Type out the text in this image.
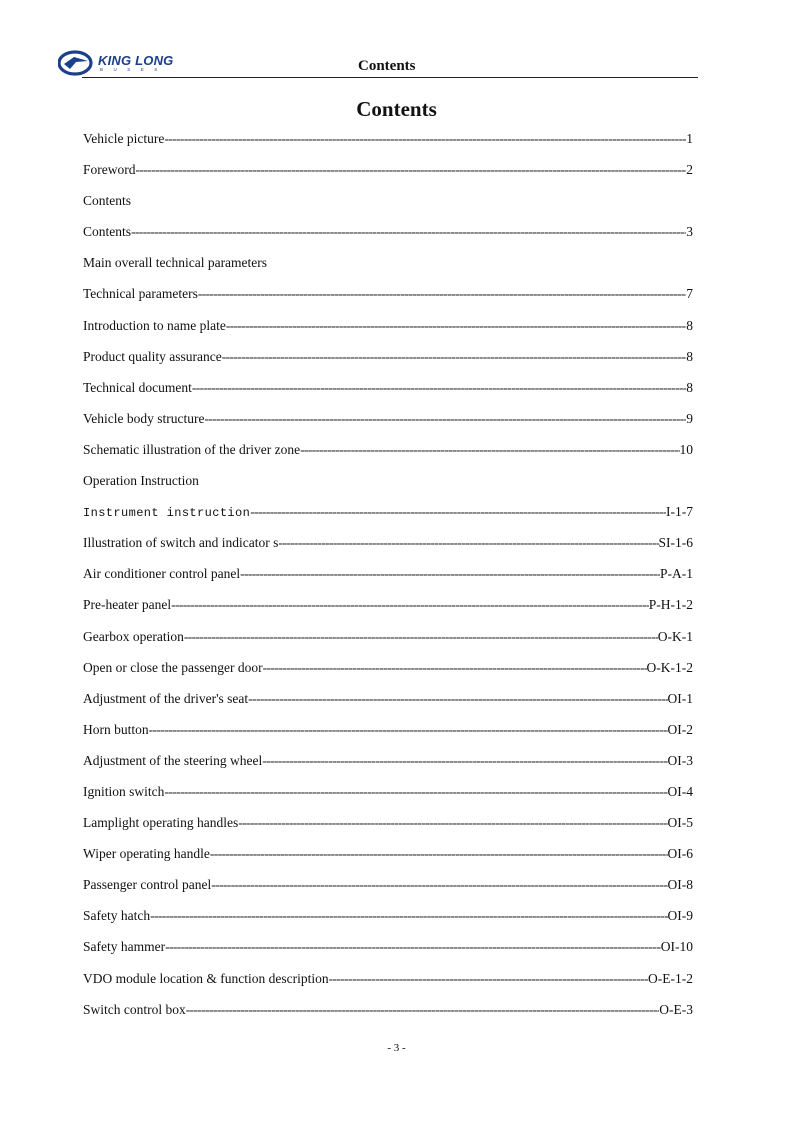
KING LONG
BUSES	Contents
Contents
Vehicle picture -----	1
Foreword -----	2
Contents
Contents -----	3
Main overall technical parameters
Technical parameters -----	7
Introduction to name plate -----	8
Product quality assurance -----	8
Technical document -----	8
Vehicle body structure -----	9
Schematic illustration of the driver zone -----	10
Operation Instruction
Instrument instruction -----	I-1-7
Illustration of switch and indicator s -----	SI-1-6
Air conditioner control panel -----	P-A-1
Pre-heater panel -----	P-H-1-2
Gearbox operation -----	O-K-1
Open or close the passenger door -----	O-K-1-2
Adjustment of the driver's seat -----	OI-1
Horn button -----	OI-2
Adjustment of the steering wheel -----	OI-3
Ignition switch -----	OI-4
Lamplight operating handles -----	OI-5
Wiper operating handle -----	OI-6
Passenger control panel -----	OI-8
Safety hatch -----	OI-9
Safety hammer -----	OI-10
VDO module location & function description -----	O-E-1-2
Switch control box -----	O-E-3
- 3 -
